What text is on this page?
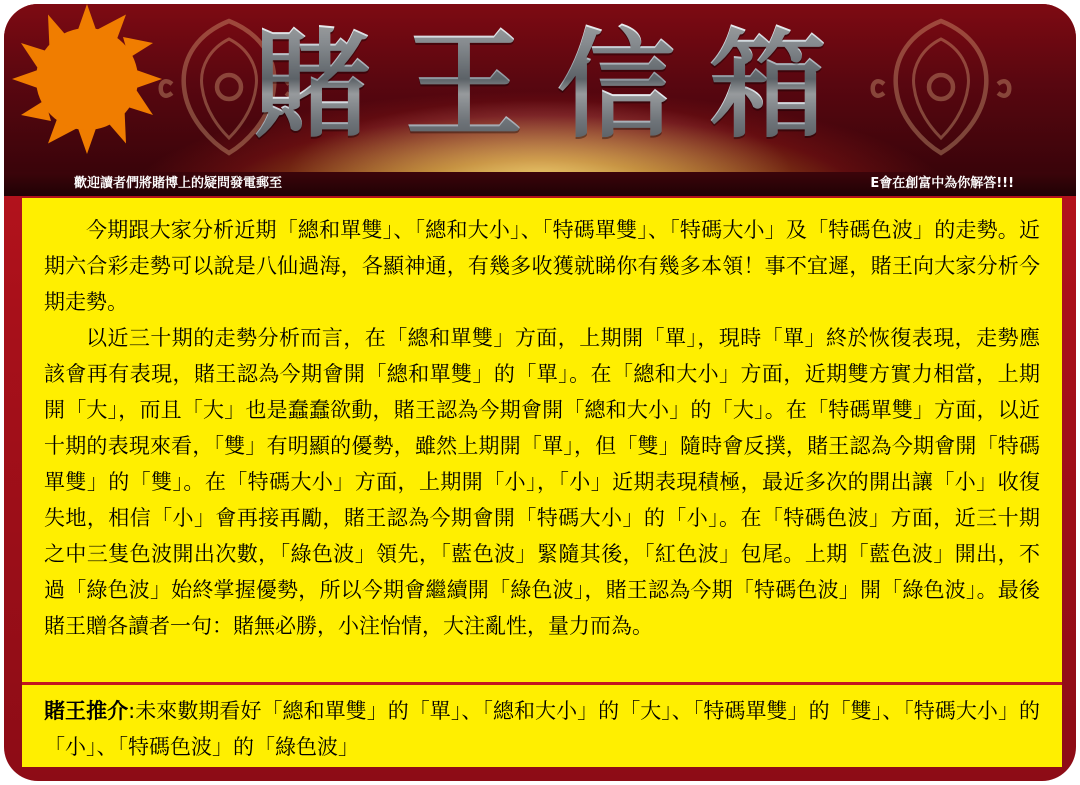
賭王信箱
歡迎讀者們將賭博上的疑問發電郵至	E會在創富中為你解答!!!

今期跟大家分析近期「總和單雙」、「總和大小」、「特碼單雙」、「特碼大小」及「特碼色波」的走勢。近期六合彩走勢可以說是八仙過海，各顯神通，有幾多收獲就睇你有幾多本領！事不宜遲，賭王向大家分析今期走勢。

以近三十期的走勢分析而言，在「總和單雙」方面，上期開「單」，現時「單」終於恢復表現，走勢應該會再有表現，賭王認為今期會開「總和單雙」的「單」。在「總和大小」方面，近期雙方實力相當，上期開「大」，而且「大」也是蠢蠢欲動，賭王認為今期會開「總和大小」的「大」。在「特碼單雙」方面，以近十期的表現來看，「雙」有明顯的優勢，雖然上期開「單」，但「雙」隨時會反撲，賭王認為今期會開「特碼單雙」的「雙」。在「特碼大小」方面，上期開「小」，「小」近期表現積極，最近多次的開出讓「小」收復失地，相信「小」會再接再勵，賭王認為今期會開「特碼大小」的「小」。在「特碼色波」方面，近三十期之中三隻色波開出次數，「綠色波」領先，「藍色波」緊隨其後，「紅色波」包尾。上期「藍色波」開出，不過「綠色波」始終掌握優勢，所以今期會繼續開「綠色波」，賭王認為今期「特碼色波」開「綠色波」。最後賭王贈各讀者一句：賭無必勝，小注怡情，大注亂性，量力而為。

賭王推介:未來數期看好「總和單雙」的「單」、「總和大小」的「大」、「特碼單雙」的「雙」、「特碼大小」的「小」、「特碼色波」的「綠色波」
